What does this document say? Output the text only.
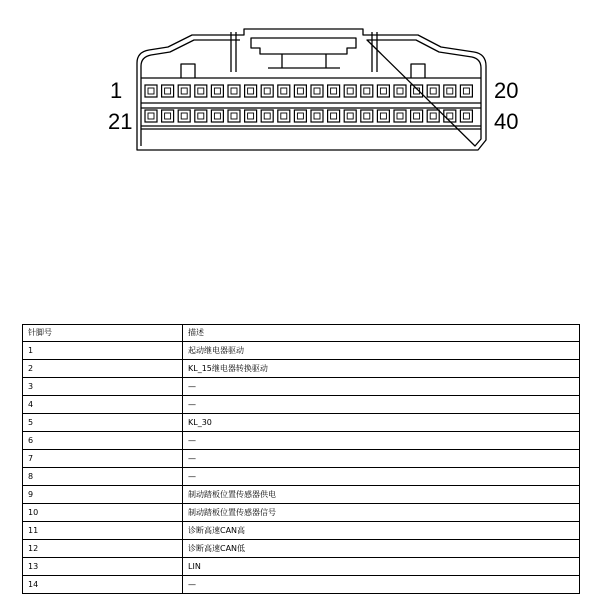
1	20
21	40
针脚号	描述
1	起动继电器驱动
2	KL_15继电器转换驱动
3	—
4	—
5	KL_30
6	—
7	—
8	—
9	制动踏板位置传感器供电
10	制动踏板位置传感器信号
11	诊断高速CAN高
12	诊断高速CAN低
13	LIN
14	—
